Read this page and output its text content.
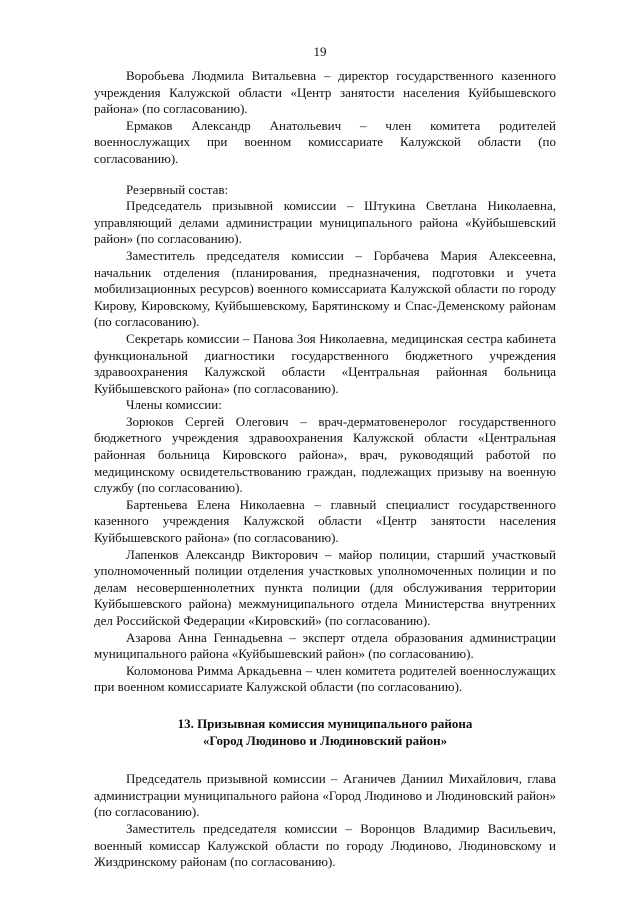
19

Воробьева Людмила Витальевна – директор государственного казенного учреждения Калужской области «Центр занятости населения Куйбышевского района» (по согласованию).

Ермаков Александр Анатольевич – член комитета родителей военнослужащих при военном комиссариате Калужской области (по согласованию).

Резервный состав:

Председатель призывной комиссии – Штукина Светлана Николаевна, управляющий делами администрации муниципального района «Куйбышевский район» (по согласованию).

Заместитель председателя комиссии – Горбачева Мария Алексеевна, начальник отделения (планирования, предназначения, подготовки и учета мобилизационных ресурсов) военного комиссариата Калужской области по городу Кирову, Кировскому, Куйбышевскому, Барятинскому и Спас-Деменскому районам (по согласованию).

Секретарь комиссии – Панова Зоя Николаевна, медицинская сестра кабинета функциональной диагностики государственного бюджетного учреждения здравоохранения Калужской области «Центральная районная больница Куйбышевского района» (по согласованию).

Члены комиссии:

Зорюков Сергей Олегович – врач-дерматовенеролог государственного бюджетного учреждения здравоохранения Калужской области «Центральная районная больница Кировского района», врач, руководящий работой по медицинскому освидетельствованию граждан, подлежащих призыву на военную службу (по согласованию).

Бартеньева Елена Николаевна – главный специалист государственного казенного учреждения Калужской области «Центр занятости населения Куйбышевского района» (по согласованию).

Лапенков Александр Викторович – майор полиции, старший участковый уполномоченный полиции отделения участковых уполномоченных полиции и по делам несовершеннолетних пункта полиции (для обслуживания территории Куйбышевского района) межмуниципального отдела Министерства внутренних дел Российской Федерации «Кировский» (по согласованию).

Азарова Анна Геннадьевна – эксперт отдела образования администрации муниципального района «Куйбышевский район» (по согласованию).

Коломонова Римма Аркадьевна – член комитета родителей военнослужащих при военном комиссариате Калужской области (по согласованию).

13. Призывная комиссия муниципального района
«Город Людиново и Людиновский район»

Председатель призывной комиссии – Аганичев Даниил Михайлович, глава администрации муниципального района «Город Людиново и Людиновский район» (по согласованию).

Заместитель председателя комиссии – Воронцов Владимир Васильевич, военный комиссар Калужской области по городу Людиново, Людиновскому и Жиздринскому районам (по согласованию).
